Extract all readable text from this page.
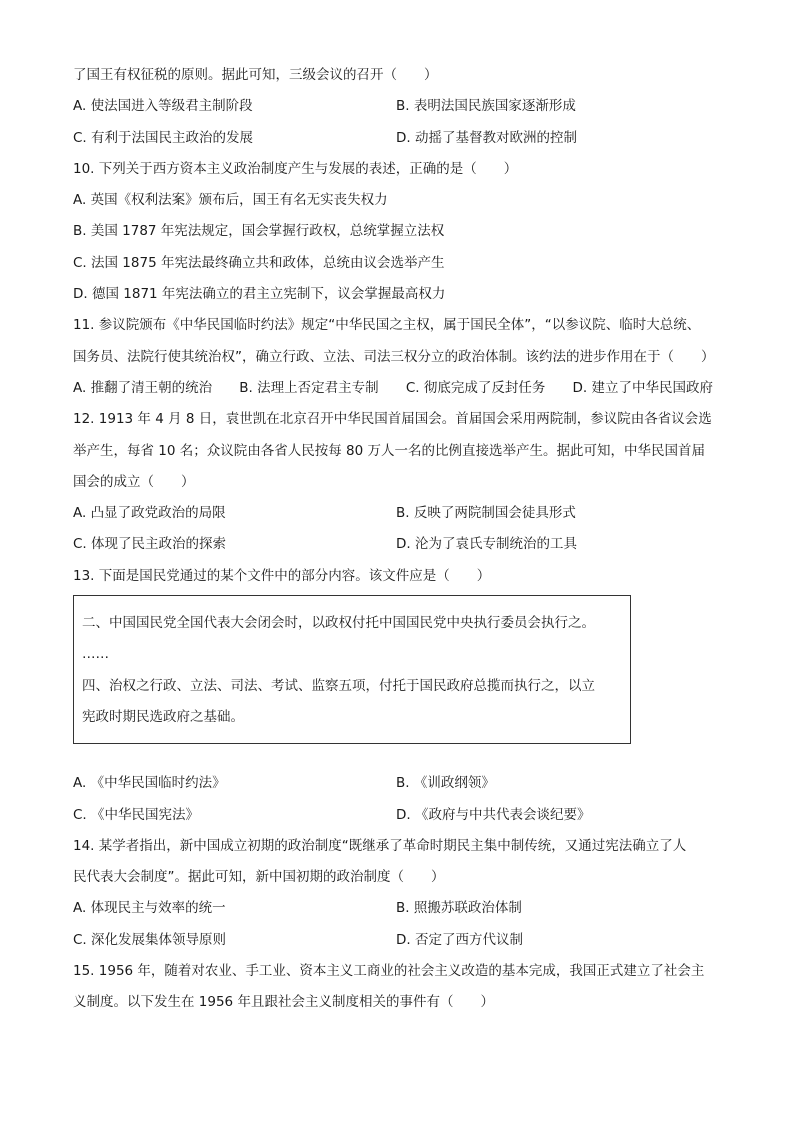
了国王有权征税的原则。据此可知，三级会议的召开（　　）
A. 使法国进入等级君主制阶段	B. 表明法国民族国家逐渐形成
C. 有利于法国民主政治的发展	D. 动摇了基督教对欧洲的控制
10. 下列关于西方资本主义政治制度产生与发展的表述，正确的是（　　）
A. 英国《权利法案》颁布后，国王有名无实丧失权力
B. 美国 1787 年宪法规定，国会掌握行政权，总统掌握立法权
C. 法国 1875 年宪法最终确立共和政体，总统由议会选举产生
D. 德国 1871 年宪法确立的君主立宪制下，议会掌握最高权力
11. 参议院颁布《中华民国临时约法》规定“中华民国之主权，属于国民全体”，“以参议院、临时大总统、
国务员、法院行使其统治权”，确立行政、立法、司法三权分立的政治体制。该约法的进步作用在于（　　）
A. 推翻了清王朝的统治 B. 法理上否定君主专制 C. 彻底完成了反封任务 D. 建立了中华民国政府
12. 1913 年 4 月 8 日，袁世凯在北京召开中华民国首届国会。首届国会采用两院制，参议院由各省议会选
举产生，每省 10 名；众议院由各省人民按每 80 万人一名的比例直接选举产生。据此可知，中华民国首届
国会的成立（　　）
A. 凸显了政党政治的局限	B. 反映了两院制国会徒具形式
C. 体现了民主政治的探索	D. 沦为了袁氏专制统治的工具
13. 下面是国民党通过的某个文件中的部分内容。该文件应是（　　）
二、中国国民党全国代表大会闭会时，以政权付托中国国民党中央执行委员会执行之。
……
四、治权之行政、立法、司法、考试、监察五项，付托于国民政府总揽而执行之，以立
宪政时期民选政府之基础。
A. 《中华民国临时约法》	B. 《训政纲领》
C. 《中华民国宪法》	D. 《政府与中共代表会谈纪要》
14. 某学者指出，新中国成立初期的政治制度“既继承了革命时期民主集中制传统，又通过宪法确立了人
民代表大会制度”。据此可知，新中国初期的政治制度（　　）
A. 体现民主与效率的统一	B. 照搬苏联政治体制
C. 深化发展集体领导原则	D. 否定了西方代议制
15. 1956 年，随着对农业、手工业、资本主义工商业的社会主义改造的基本完成，我国正式建立了社会主
义制度。以下发生在 1956 年且跟社会主义制度相关的事件有（　　）
